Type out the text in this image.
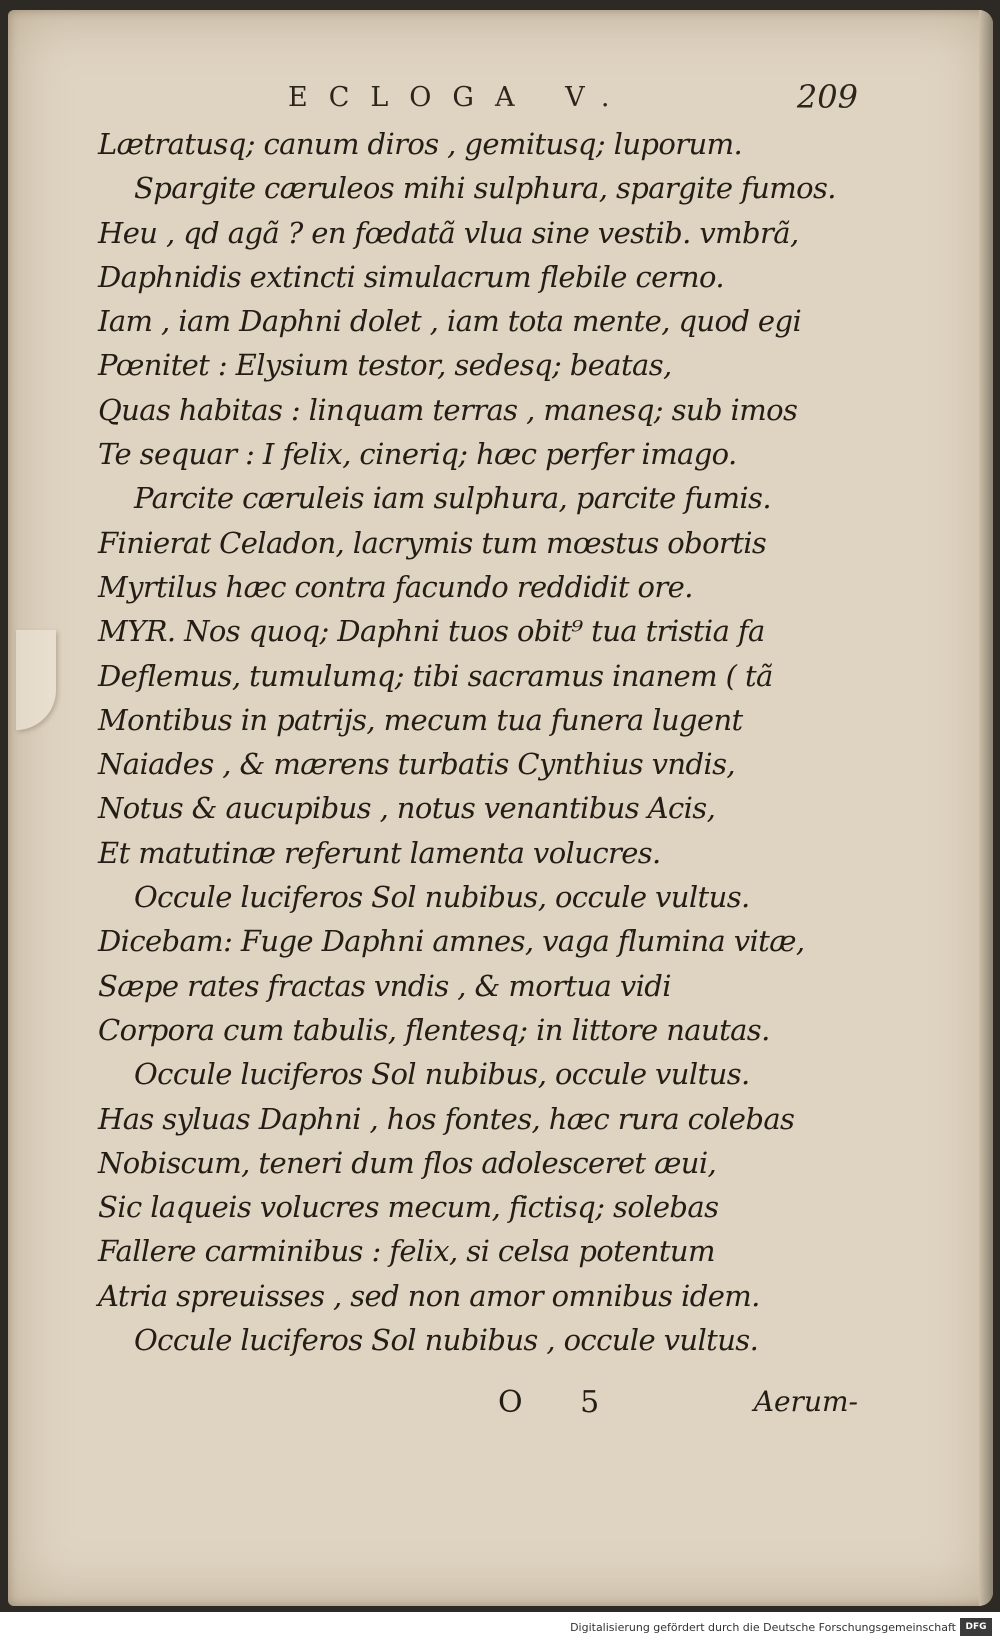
ECLOGA V.	209
Lætratusq; canum diros , gemitusq; luporum.
Spargite cæruleos mihi sulphura, spargite fumos.
Heu , qd agã ? en fœdatã vlua sine vestib. vmbrã,
Daphnidis extincti simulacrum flebile cerno.
Iam , iam Daphni dolet , iam tota mente, quod egi
Pœnitet : Elysium testor, sedesq; beatas,
Quas habitas : linquam terras , manesq; sub imos
Te sequar : I felix, cineriq; hæc perfer imago.
Parcite cæruleis iam sulphura, parcite fumis.
Finierat Celadon, lacrymis tum mœstus obortis
Myrtilus hæc contra facundo reddidit ore.
MYR. Nos quoq; Daphni tuos obit⁹ tua tristia fa
Deflemus, tumulumq; tibi sacramus inanem ( tã
Montibus in patrijs, mecum tua funera lugent
Naiades , & mærens turbatis Cynthius vndis,
Notus & aucupibus , notus venantibus Acis,
Et matutinæ referunt lamenta volucres.
Occule luciferos Sol nubibus, occule vultus.
Dicebam: Fuge Daphni amnes, vaga flumina vitæ,
Sæpe rates fractas vndis , & mortua vidi
Corpora cum tabulis, flentesq; in littore nautas.
Occule luciferos Sol nubibus, occule vultus.
Has syluas Daphni , hos fontes, hæc rura colebas
Nobiscum, teneri dum flos adolesceret æui,
Sic laqueis volucres mecum, fictisq; solebas
Fallere carminibus : felix, si celsa potentum
Atria spreuisses , sed non amor omnibus idem.
Occule luciferos Sol nubibus , occule vultus.
O 5	Aerum-
Digitalisierung gefördert durch die Deutsche Forschungsgemeinschaft	DFG
